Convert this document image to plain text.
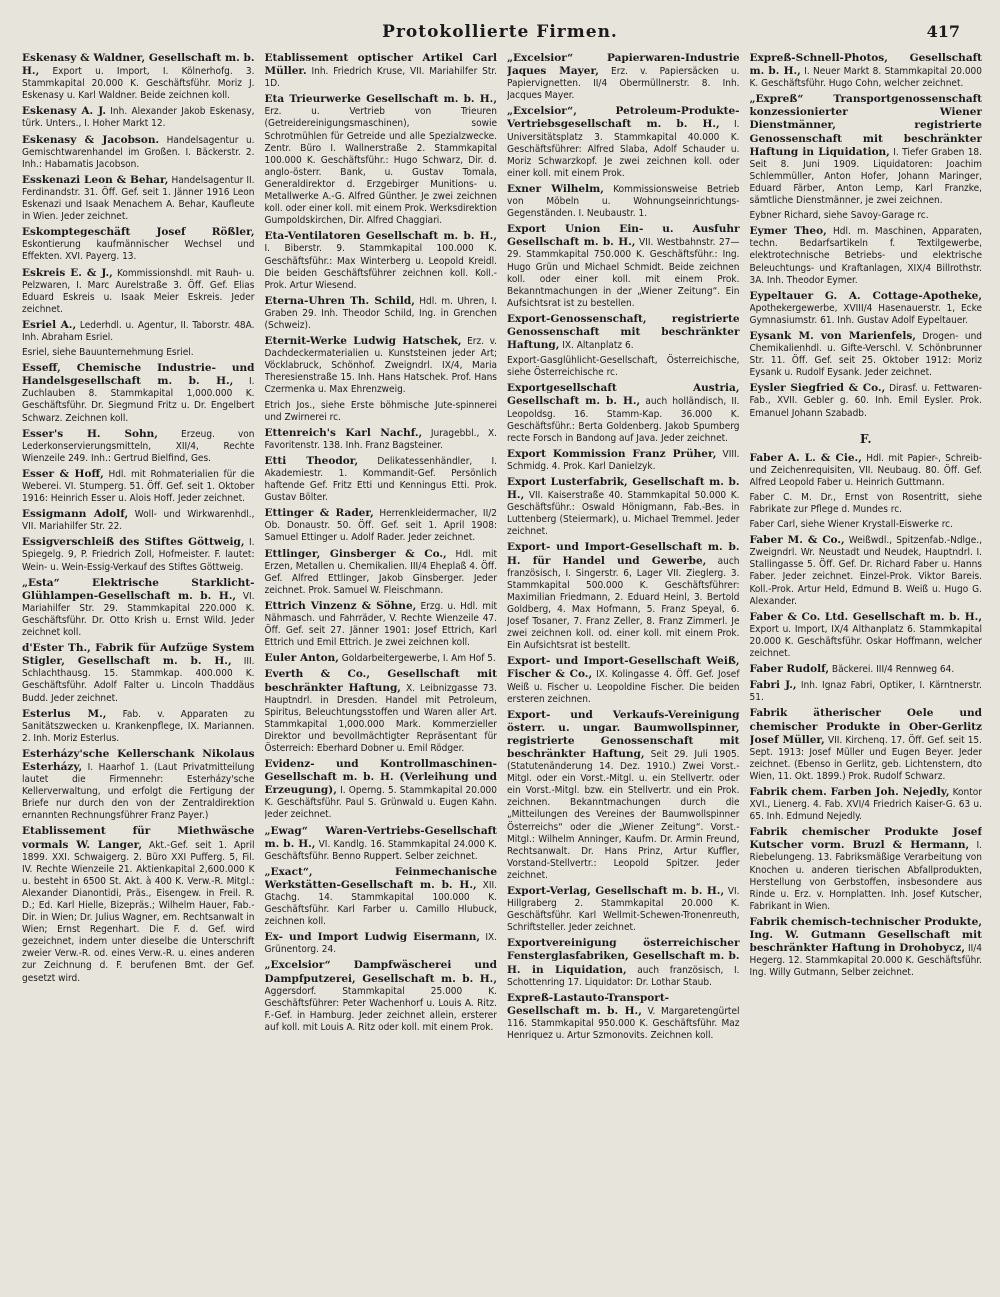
Protokollierte Firmen.	417

Eskenasy & Waldner, Gesellschaft m. b. H., Export u. Import, I. Kölnerhofg. 3. Stammkapital 20.000 K. Geschäftsführ. Moriz J. Eskenasy u. Karl Waldner. Beide zeichnen koll.

Eskenasy A. J. Inh. Alexander Jakob Eskenasy, türk. Unters., I. Hoher Markt 12.

Eskenasy & Jacobson. Handelsagentur u. Gemischtwarenhandel im Großen. I. Bäckerstr. 2. Inh.: Habamatis Jacobson.

Esskenazi Leon & Behar, Handelsagentur II. Ferdinandstr. 31. Öff. Gef. seit 1. Jänner 1916 Leon Eskenazi und Isaak Menachem A. Behar, Kaufleute in Wien. Jeder zeichnet.

Eskomptegeschäft Josef Rößler, Eskontierung kaufmännischer Wechsel und Effekten. XVI. Payerg. 13.

Eskreis E. & J., Kommissionshdl. mit Rauh- u. Pelzwaren, I. Marc Aurelstraße 3. Öff. Gef. Elias Eduard Eskreis u. Isaak Meier Eskreis. Jeder zeichnet.

Esriel A., Lederhdl. u. Agentur, II. Taborstr. 48A. Inh. Abraham Esriel.

Esriel, siehe Bauunternehmung Esriel.

Esseff, Chemische Industrie- und Handelsgesellschaft m. b. H., I. Zuchlauben 8. Stammkapital 1,000.000 K. Geschäftsführ. Dr. Siegmund Fritz u. Dr. Engelbert Schwarz. Zeichnen koll.

Esser's H. Sohn, Erzeug. von Lederkonservierungsmitteln, XII/4, Rechte Wienzeile 249. Inh.: Gertrud Bielfind, Ges.

Esser & Hoff, Hdl. mit Rohmaterialien für die Weberei. VI. Stumperg. 51. Öff. Gef. seit 1. Oktober 1916: Heinrich Esser u. Alois Hoff. Jeder zeichnet.

Essigmann Adolf, Woll- und Wirkwarenhdl., VII. Mariahilfer Str. 22.

Essigverschleiß des Stiftes Göttweig, I. Spiegelg. 9, P. Friedrich Zoll, Hofmeister. F. lautet: Wein- u. Wein-Essig-Verkauf des Stiftes Göttweig.

„Esta“ Elektrische Starklicht-Glühlampen-Gesellschaft m. b. H., VI. Mariahilfer Str. 29. Stammkapital 220.000 K. Geschäftsführ. Dr. Otto Krish u. Ernst Wild. Jeder zeichnet koll.

d'Ester Th., Fabrik für Aufzüge System Stigler, Gesellschaft m. b. H., III. Schlachthausg. 15. Stammkap. 400.000 K. Geschäftsführ. Adolf Falter u. Lincoln Thaddäus Budd. Jeder zeichnet.

Esterlus M., Fab. v. Apparaten zu Sanitätszwecken u. Krankenpflege, IX. Mariannen. 2. Inh. Moriz Esterlus.

Esterházy'sche Kellerschank Nikolaus Esterházy, I. Haarhof 1. (Laut Privatmitteilung lautet die Firmennehr: Esterházy'sche Kellerverwaltung, und erfolgt die Fertigung der Briefe nur durch den von der Zentraldirektion ernannten Rechnungsführer Franz Payer.)

Etablissement für Miethwäsche vormals W. Langer, Akt.-Gef. seit 1. April 1899. XXI. Schwaigerg. 2. Büro XXI Pufferg. 5, Fil. IV. Rechte Wienzeile 21. Aktienkapital 2,600.000 K u. besteht in 6500 St. Akt. à 400 K. Verw.-R. Mitgl.: Alexander Dianontidi, Präs., Eisengew. in Freil. R. D.; Ed. Karl Hielle, Bizepräs.; Wilhelm Hauer, Fab.-Dir. in Wien; Dr. Julius Wagner, em. Rechtsanwalt in Wien; Ernst Regenhart. Die F. d. Gef. wird gezeichnet, indem unter dieselbe die Unterschrift zweier Verw.-R. od. eines Verw.-R. u. eines anderen zur Zeichnung d. F. berufenen Bmt. der Gef. gesetzt wird.

Etablissement optischer Artikel Carl Müller. Inh. Friedrich Kruse, VII. Mariahilfer Str. 1D.

Eta Trieurwerke Gesellschaft m. b. H., Erz. u. Vertrieb von Trieuren (Getreidereinigungsmaschinen), sowie Schrotmühlen für Getreide und alle Spezialzwecke. Zentr. Büro I. Wallnerstraße 2. Stammkapital 100.000 K. Geschäftsführ.: Hugo Schwarz, Dir. d. anglo-österr. Bank, u. Gustav Tomala, Generaldirektor d. Erzgebirger Munitions- u. Metallwerke A.-G. Alfred Günther. Je zwei zeichnen koll. oder einer koll. mit einem Prok. Werksdirektion Gumpoldskirchen, Dir. Alfred Chaggiari.

Eta-Ventilatoren Gesellschaft m. b. H., I. Biberstr. 9. Stammkapital 100.000 K. Geschäftsführ.: Max Winterberg u. Leopold Kreidl. Die beiden Geschäftsführer zeichnen koll. Koll.-Prok. Artur Wiesend.

Eterna-Uhren Th. Schild, Hdl. m. Uhren, I. Graben 29. Inh. Theodor Schild, Ing. in Grenchen (Schweiz).

Eternit-Werke Ludwig Hatschek, Erz. v. Dachdeckermaterialien u. Kunststeinen jeder Art; Vöcklabruck, Schönhof. Zweigndrl. IX/4, Maria Theresienstraße 15. Inh. Hans Hatschek. Prof. Hans Czermenka u. Max Ehrenzweig.

Etrich Jos., siehe Erste böhmische Jute-spinnerei und Zwirnerei rc.

Ettenreich's Karl Nachf., Juragebbl., X. Favoritenstr. 138. Inh. Franz Bagsteiner.

Etti Theodor, Delikatessenhändler, I. Akademiestr. 1. Kommandit-Gef. Persönlich haftende Gef. Fritz Etti und Kenningus Etti. Prok. Gustav Bölter.

Ettinger & Rader, Herrenkleidermacher, II/2 Ob. Donaustr. 50. Öff. Gef. seit 1. April 1908: Samuel Ettinger u. Adolf Rader. Jeder zeichnet.

Ettlinger, Ginsberger & Co., Hdl. mit Erzen, Metallen u. Chemikalien. III/4 Eheplaß 4. Öff. Gef. Alfred Ettlinger, Jakob Ginsberger. Jeder zeichnet. Prok. Samuel W. Fleischmann.

Ettrich Vinzenz & Söhne, Erzg. u. Hdl. mit Nähmasch. und Fahrräder, V. Rechte Wienzeile 47. Öff. Gef. seit 27. Jänner 1901: Josef Ettrich, Karl Ettrich und Emil Ettrich. Je zwei zeichnen koll.

Euler Anton, Goldarbeitergewerbe, I. Am Hof 5.

Everth & Co., Gesellschaft mit beschränkter Haftung, X. Leibnizgasse 73. Hauptndrl. in Dresden. Handel mit Petroleum, Spiritus, Beleuchtungsstoffen und Waren aller Art. Stammkapital 1,000.000 Mark. Kommerzieller Direktor und bevollmächtigter Repräsentant für Österreich: Eberhard Dobner u. Emil Rödger.

Evidenz- und Kontrollmaschinen-Gesellschaft m. b. H. (Verleihung und Erzeugung), I. Operng. 5. Stammkapital 20.000 K. Geschäftsführ. Paul S. Grünwald u. Eugen Kahn. Jeder zeichnet.

„Ewag“ Waren-Vertriebs-Gesellschaft m. b. H., VI. Kandlg. 16. Stammkapital 24.000 K. Geschäftsführ. Benno Ruppert. Selber zeichnet.

„Exact“, Feinmechanische Werkstätten-Gesellschaft m. b. H., XII. Gtachg. 14. Stammkapital 100.000 K. Geschäftsführ. Karl Farber u. Camillo Hlubuck, zeichnen koll.

Ex- und Import Ludwig Eisermann, IX. Grünentorg. 24.

„Excelsior“ Dampfwäscherei und Dampfputzerei, Gesellschaft m. b. H., Aggersdorf. Stammkapital 25.000 K. Geschäftsführer: Peter Wachenhorf u. Louis A. Ritz. F.-Gef. in Hamburg. Jeder zeichnet allein, ersterer auf koll. mit Louis A. Ritz oder koll. mit einem Prok.

„Excelsior“ Papierwaren-Industrie Jaques Mayer, Erz. v. Papiersäcken u. Papiervignetten. II/4 Obermüllnerstr. 8. Inh. Jacques Mayer.

„Excelsior“, Petroleum-Produkte-Vertriebsgesellschaft m. b. H., I. Universitätsplatz 3. Stammkapital 40.000 K. Geschäftsführer: Alfred Slaba, Adolf Schauder u. Moriz Schwarzkopf. Je zwei zeichnen koll. oder einer koll. mit einem Prok.

Exner Wilhelm, Kommissionsweise Betrieb von Möbeln u. Wohnungseinrichtungs-Gegenständen. I. Neubaustr. 1.

Export Union Ein- u. Ausfuhr Gesellschaft m. b. H., VII. Westbahnstr. 27—29. Stammkapital 750.000 K. Geschäftsführ.: Ing. Hugo Grün und Michael Schmidt. Beide zeichnen koll. oder einer koll. mit einem Prok. Bekanntmachungen in der „Wiener Zeitung“. Ein Aufsichtsrat ist zu bestellen.

Export-Genossenschaft, registrierte Genossenschaft mit beschränkter Haftung, IX. Altanplatz 6.

Export-Gasglühlicht-Gesellschaft, Österreichische, siehe Österreichische rc.

Exportgesellschaft Austria, Gesellschaft m. b. H., auch holländisch, II. Leopoldsg. 16. Stamm-Kap. 36.000 K. Geschäftsführ.: Berta Goldenberg. Jakob Spumberg recte Forsch in Bandong auf Java. Jeder zeichnet.

Export Kommission Franz Prüher, VIII. Schmidg. 4. Prok. Karl Danielzyk.

Export Lusterfabrik, Gesellschaft m. b. H., VII. Kaiserstraße 40. Stammkapital 50.000 K. Geschäftsführ.: Oswald Hönigmann, Fab.-Bes. in Luttenberg (Steiermark), u. Michael Tremmel. Jeder zeichnet.

Export- und Import-Gesellschaft m. b. H. für Handel und Gewerbe, auch französisch, I. Singerstr. 6, Lager VII. Zieglerg. 3. Stammkapital 500.000 K. Geschäftsführer: Maximilian Friedmann, 2. Eduard Heinl, 3. Bertold Goldberg, 4. Max Hofmann, 5. Franz Speyal, 6. Josef Tosaner, 7. Franz Zeller, 8. Franz Zimmerl. Je zwei zeichnen koll. od. einer koll. mit einem Prok. Ein Aufsichtsrat ist bestellt.

Export- und Import-Gesellschaft Weiß, Fischer & Co., IX. Kolingasse 4. Öff. Gef. Josef Weiß u. Fischer u. Leopoldine Fischer. Die beiden ersteren zeichnen.

Export- und Verkaufs-Vereinigung österr. u. ungar. Baumwollspinner, registrierte Genossenschaft mit beschränkter Haftung, Seit 29. Juli 1905. (Statutenänderung 14. Dez. 1910.) Zwei Vorst.-Mitgl. oder ein Vorst.-Mitgl. u. ein Stellvertr. oder ein Vorst.-Mitgl. bzw. ein Stellvertr. und ein Prok. zeichnen. Bekanntmachungen durch die „Mitteilungen des Vereines der Baumwollspinner Österreichs“ oder die „Wiener Zeitung“. Vorst.-Mitgl.: Wilhelm Anninger, Kaufm. Dr. Armin Freund, Rechtsanwalt. Dr. Hans Prinz, Artur Kuffler, Vorstand-Stellvertr.: Leopold Spitzer. Jeder zeichnet.

Export-Verlag, Gesellschaft m. b. H., VI. Hillgraberg 2. Stammkapital 20.000 K. Geschäftsführ. Karl Wellmit-Schewen-Tronenreuth, Schriftsteller. Jeder zeichnet.

Exportvereinigung österreichischer Fensterglasfabriken, Gesellschaft m. b. H. in Liquidation, auch französisch, I. Schottenring 17. Liquidator: Dr. Lothar Staub.

Expreß-Lastauto-Transport-Gesellschaft m. b. H., V. Margaretengürtel 116. Stammkapital 950.000 K. Geschäftsführ. Maz Henriquez u. Artur Szmonovits. Zeichnen koll.

Expreß-Schnell-Photos, Gesellschaft m. b. H., I. Neuer Markt 8. Stammkapital 20.000 K. Geschäftsführ. Hugo Cohn, welcher zeichnet.

„Expreß“ Transportgenossenschaft konzessionierter Wiener Dienstmänner, registrierte Genossenschaft mit beschränkter Haftung in Liquidation, I. Tiefer Graben 18. Seit 8. Juni 1909. Liquidatoren: Joachim Schlemmüller, Anton Hofer, Johann Maringer, Eduard Färber, Anton Lemp, Karl Franzke, sämtliche Dienstmänner, je zwei zeichnen.

Eybner Richard, siehe Savoy-Garage rc.

Eymer Theo, Hdl. m. Maschinen, Apparaten, techn. Bedarfsartikeln f. Textilgewerbe, elektrotechnische Betriebs- und elektrische Beleuchtungs- und Kraftanlagen, XIX/4 Billrothstr. 3A. Inh. Theodor Eymer.

Eypeltauer G. A. Cottage-Apotheke, Apothekergewerbe, XVIII/4 Hasenauerstr. 1, Ecke Gymnasiumstr. 61. Inh. Gustav Adolf Eypeltauer.

Eysank M. von Marienfels, Drogen- und Chemikalienhdl. u. Gifte-Verschl. V. Schönbrunner Str. 11. Öff. Gef. seit 25. Oktober 1912: Moriz Eysank u. Rudolf Eysank. Jeder zeichnet.

Eysler Siegfried & Co., Dirasf. u. Fettwaren-Fab., XVII. Gebler g. 60. Inh. Emil Eysler. Prok. Emanuel Johann Szabadb.

F.

Faber A. L. & Cie., Hdl. mit Papier-, Schreib- und Zeichenrequisiten, VII. Neubaug. 80. Öff. Gef. Alfred Leopold Faber u. Heinrich Guttmann.

Faber C. M. Dr., Ernst von Rosentritt, siehe Fabrikate zur Pflege d. Mundes rc.

Faber Carl, siehe Wiener Krystall-Eiswerke rc.

Faber M. & Co., Weißwdl., Spitzenfab.-Ndlge., Zweigndrl. Wr. Neustadt und Neudek, Hauptndrl. I. Stallingasse 5. Öff. Gef. Dr. Richard Faber u. Hanns Faber. Jeder zeichnet. Einzel-Prok. Viktor Bareis. Koll.-Prok. Artur Held, Edmund B. Weiß u. Hugo G. Alexander.

Faber & Co. Ltd. Gesellschaft m. b. H., Export u. Import, IX/4 Althanplatz 6. Stammkapital 20.000 K. Geschäftsführ. Oskar Hoffmann, welcher zeichnet.

Faber Rudolf, Bäckerei. III/4 Rennweg 64.

Fabri J., Inh. Ignaz Fabri, Optiker, I. Kärntnerstr. 51.

Fabrik ätherischer Oele und chemischer Produkte in Ober-Gerlitz Josef Müller, VII. Kirchenq. 17. Öff. Gef. seit 15. Sept. 1913: Josef Müller und Eugen Beyer. Jeder zeichnet. (Ebenso in Gerlitz, geb. Lichtenstern, dto Wien, 11. Okt. 1899.) Prok. Rudolf Schwarz.

Fabrik chem. Farben Joh. Nejedly, Kontor XVI., Lienerg. 4. Fab. XVI/4 Friedrich Kaiser-G. 63 u. 65. Inh. Edmund Nejedly.

Fabrik chemischer Produkte Josef Kutscher vorm. Bruzl & Hermann, I. Riebelungeng. 13. Fabriksmäßige Verarbeitung von Knochen u. anderen tierischen Abfallprodukten, Herstellung von Gerbstoffen, insbesondere aus Rinde u. Erz. v. Hornplatten. Inh. Josef Kutscher, Fabrikant in Wien.

Fabrik chemisch-technischer Produkte, Ing. W. Gutmann Gesellschaft mit beschränkter Haftung in Drohobycz, II/4 Hegerg. 12. Stammkapital 20.000 K. Geschäftsführ. Ing. Willy Gutmann, Selber zeichnet.
